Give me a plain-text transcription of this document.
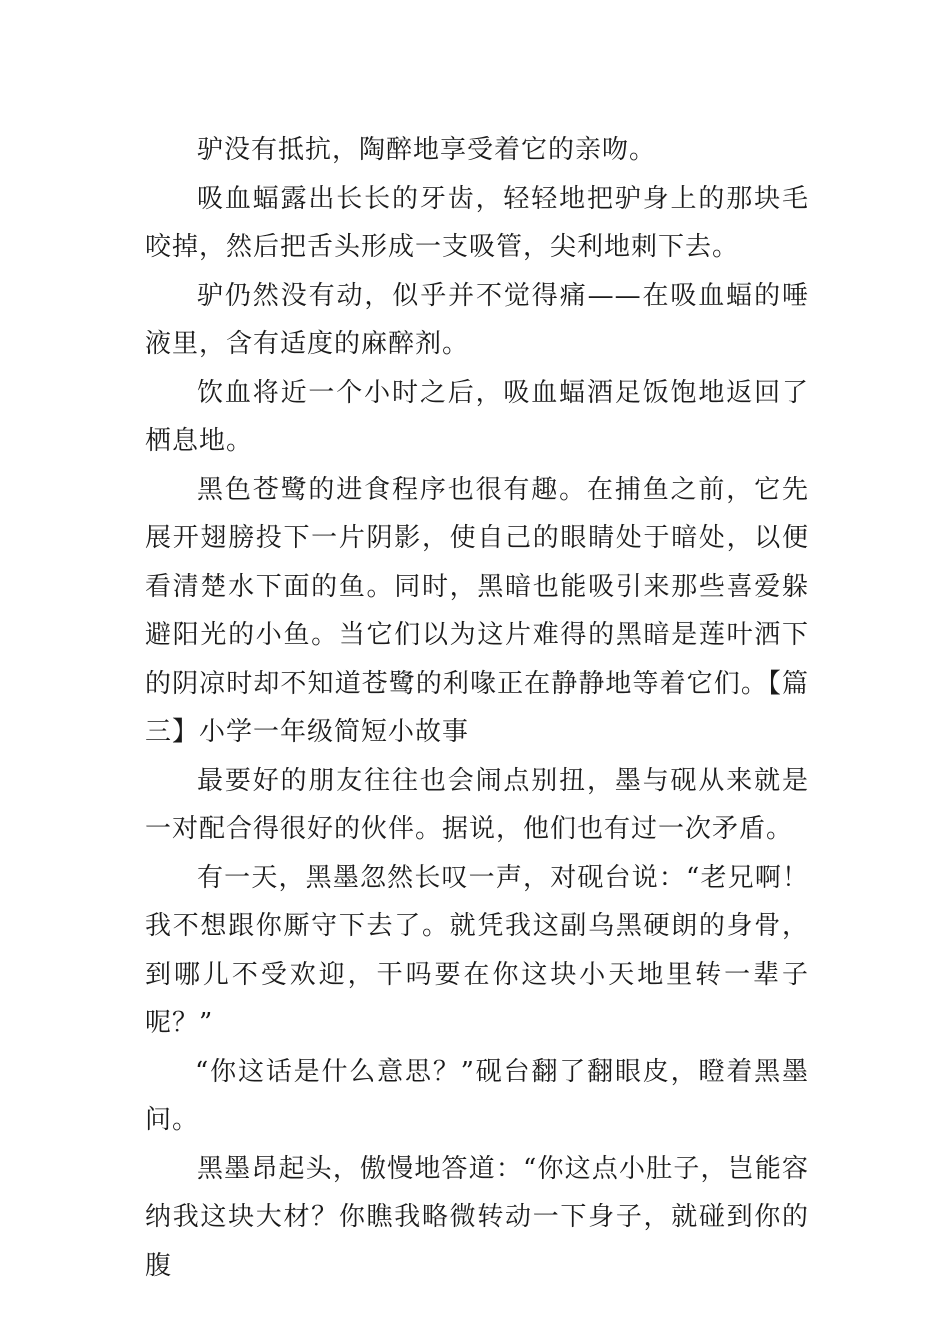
驴没有抵抗，陶醉地享受着它的亲吻。

吸血蝠露出长长的牙齿，轻轻地把驴身上的那块毛咬掉，然后把舌头形成一支吸管，尖利地刺下去。

驴仍然没有动，似乎并不觉得痛——在吸血蝠的唾液里，含有适度的麻醉剂。

饮血将近一个小时之后，吸血蝠酒足饭饱地返回了栖息地。

黑色苍鹭的进食程序也很有趣。在捕鱼之前，它先展开翅膀投下一片阴影，使自己的眼睛处于暗处，以便看清楚水下面的鱼。同时，黑暗也能吸引来那些喜爱躲避阳光的小鱼。当它们以为这片难得的黑暗是莲叶洒下的阴凉时却不知道苍鹭的利喙正在静静地等着它们。【篇三】小学一年级简短小故事

最要好的朋友往往也会闹点别扭，墨与砚从来就是一对配合得很好的伙伴。据说，他们也有过一次矛盾。

有一天，黑墨忽然长叹一声，对砚台说：“老兄啊！我不想跟你厮守下去了。就凭我这副乌黑硬朗的身骨，到哪儿不受欢迎，干吗要在你这块小天地里转一辈子呢？”

“你这话是什么意思？”砚台翻了翻眼皮，瞪着黑墨问。

黑墨昂起头，傲慢地答道：“你这点小肚子，岂能容纳我这块大材？你瞧我略微转动一下身子，就碰到你的腹
